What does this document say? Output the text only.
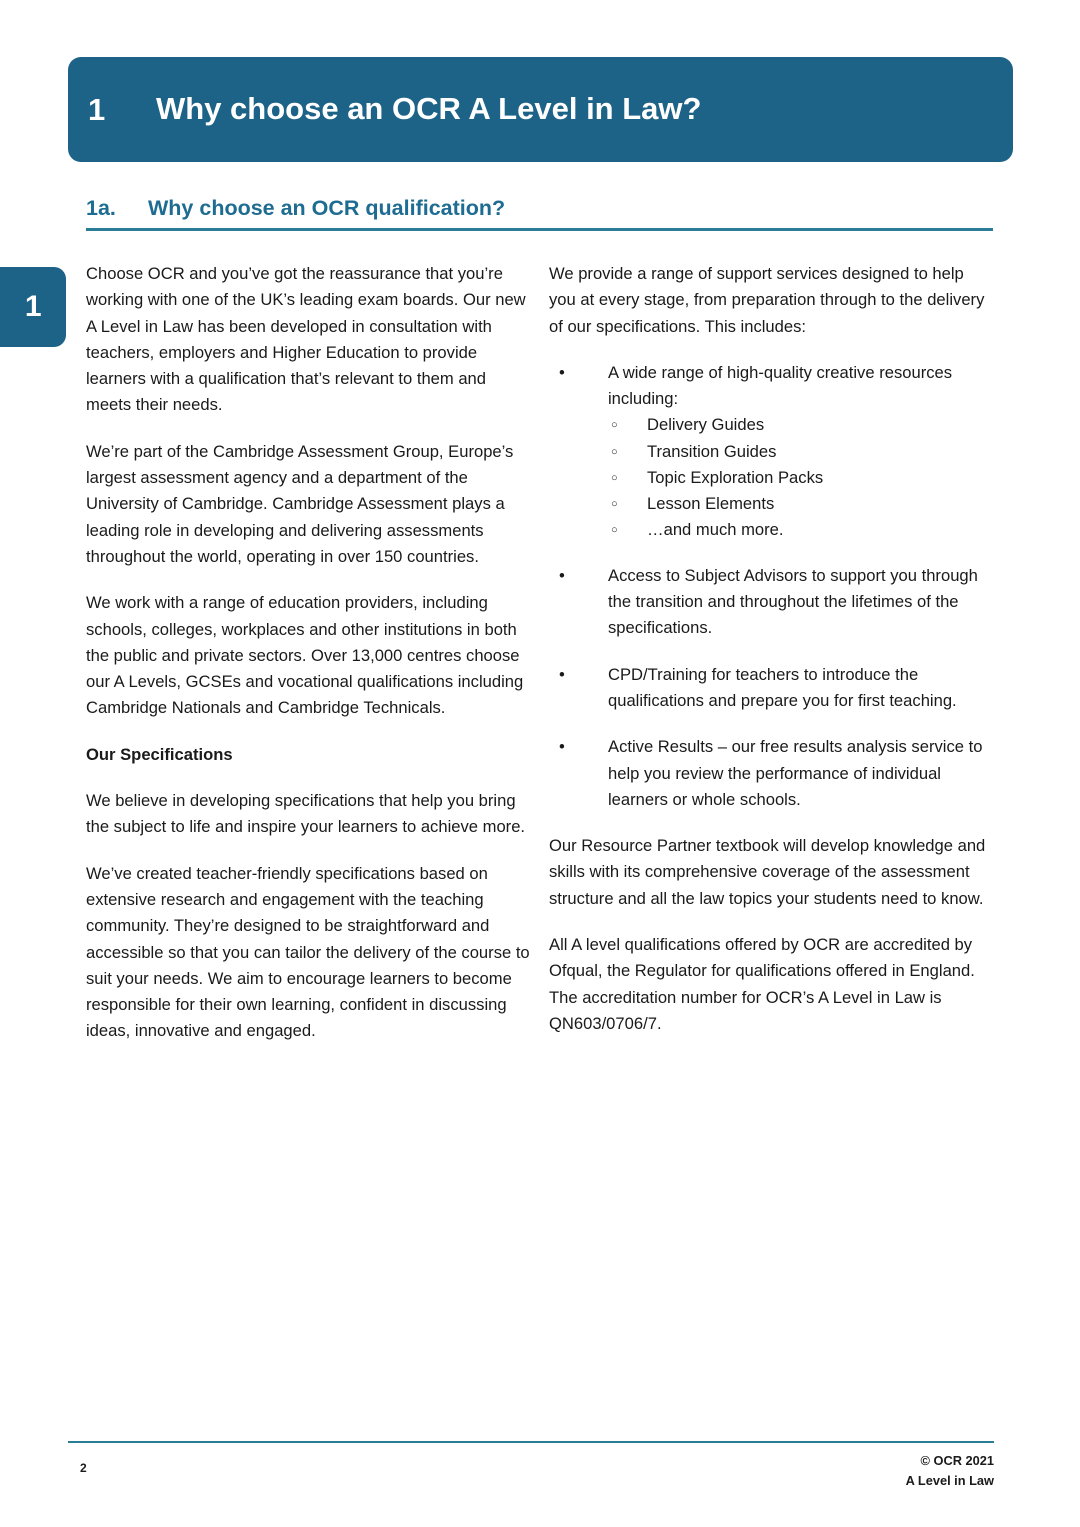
1
1	Why choose an OCR A Level in Law?
1a.	Why choose an OCR qualification?

Choose OCR and you’ve got the reassurance that you’re working with one of the UK’s leading exam boards. Our new A Level in Law has been developed in consultation with teachers, employers and Higher Education to provide learners with a qualification that’s relevant to them and meets their needs.

We’re part of the Cambridge Assessment Group, Europe’s largest assessment agency and a department of the University of Cambridge. Cambridge Assessment plays a leading role in developing and delivering assessments throughout the world, operating in over 150 countries.

We work with a range of education providers, including schools, colleges, workplaces and other institutions in both the public and private sectors. Over 13,000 centres choose our A Levels, GCSEs and vocational qualifications including Cambridge Nationals and Cambridge Technicals.

Our Specifications

We believe in developing specifications that help you bring the subject to life and inspire your learners to achieve more.

We’ve created teacher-friendly specifications based on extensive research and engagement with the teaching community. They’re designed to be straightforward and accessible so that you can tailor the delivery of the course to suit your needs. We aim to encourage learners to become responsible for their own learning, confident in discussing ideas, innovative and engaged.

We provide a range of support services designed to help you at every stage, from preparation through to the delivery of our specifications. This includes:

•	A wide range of high-quality creative resources including:
○ Delivery Guides
○ Transition Guides
○ Topic Exploration Packs
○ Lesson Elements
○ …and much more.
•	Access to Subject Advisors to support you through the transition and throughout the lifetimes of the specifications.
•	CPD/Training for teachers to introduce the qualifications and prepare you for first teaching.
•	Active Results – our free results analysis service to help you review the performance of individual learners or whole schools.

Our Resource Partner textbook will develop knowledge and skills with its comprehensive coverage of the assessment structure and all the law topics your students need to know.

All A level qualifications offered by OCR are accredited by Ofqual, the Regulator for qualifications offered in England. The accreditation number for OCR’s A Level in Law is QN603/0706/7.

2	© OCR 2021
A Level in Law
